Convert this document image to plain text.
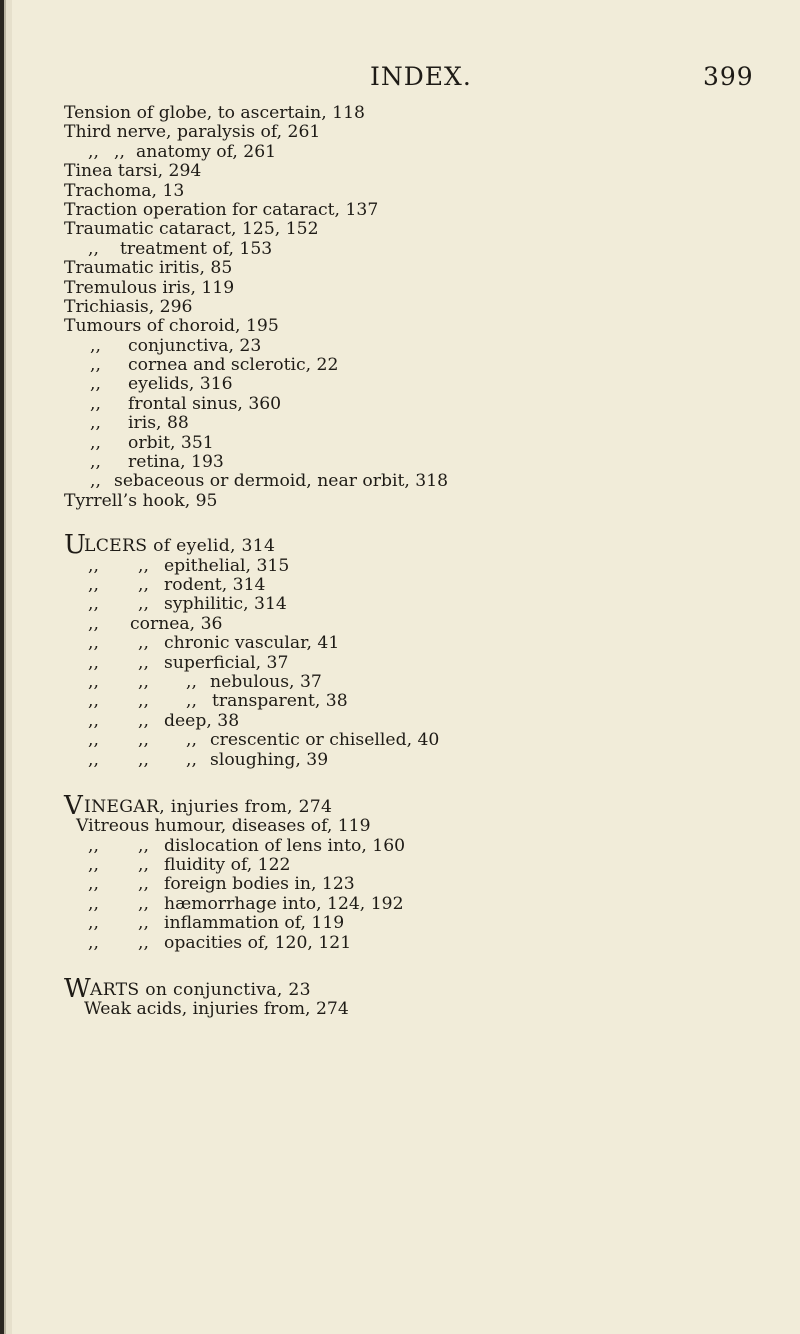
INDEX.	399
Tension of globe, to ascertain, 118
Third nerve, paralysis of, 261
,, ,, anatomy of, 261
Tinea tarsi, 294
Trachoma, 13
Traction operation for cataract, 137
Traumatic cataract, 125, 152
,, treatment of, 153
Traumatic iritis, 85
Tremulous iris, 119
Trichiasis, 296
Tumours of choroid, 195
,, conjunctiva, 23
,, cornea and sclerotic, 22
,, eyelids, 316
,, frontal sinus, 360
,, iris, 88
,, orbit, 351
,, retina, 193
,, sebaceous or dermoid, near orbit, 318
Tyrrell’s hook, 95
U
LCERS of eyelid, 314
,, ,, epithelial, 315
,, ,, rodent, 314
,, ,, syphilitic, 314
,, cornea, 36
,, ,, chronic vascular, 41
,, ,, superficial, 37
,, ,, ,, nebulous, 37
,, ,, ,, transparent, 38
,, ,, deep, 38
,, ,, ,, crescentic or chiselled, 40
,, ,, ,, sloughing, 39
V INEGAR, injuries from, 274
Vitreous humour, diseases of, 119
,, ,, dislocation of lens into, 160
,, ,, fluidity of, 122
,, ,, foreign bodies in, 123
,, ,, hæmorrhage into, 124, 192
,, ,, inflammation of, 119
,, ,, opacities of, 120, 121
W ARTS on conjunctiva, 23
Weak acids, injuries from, 274
